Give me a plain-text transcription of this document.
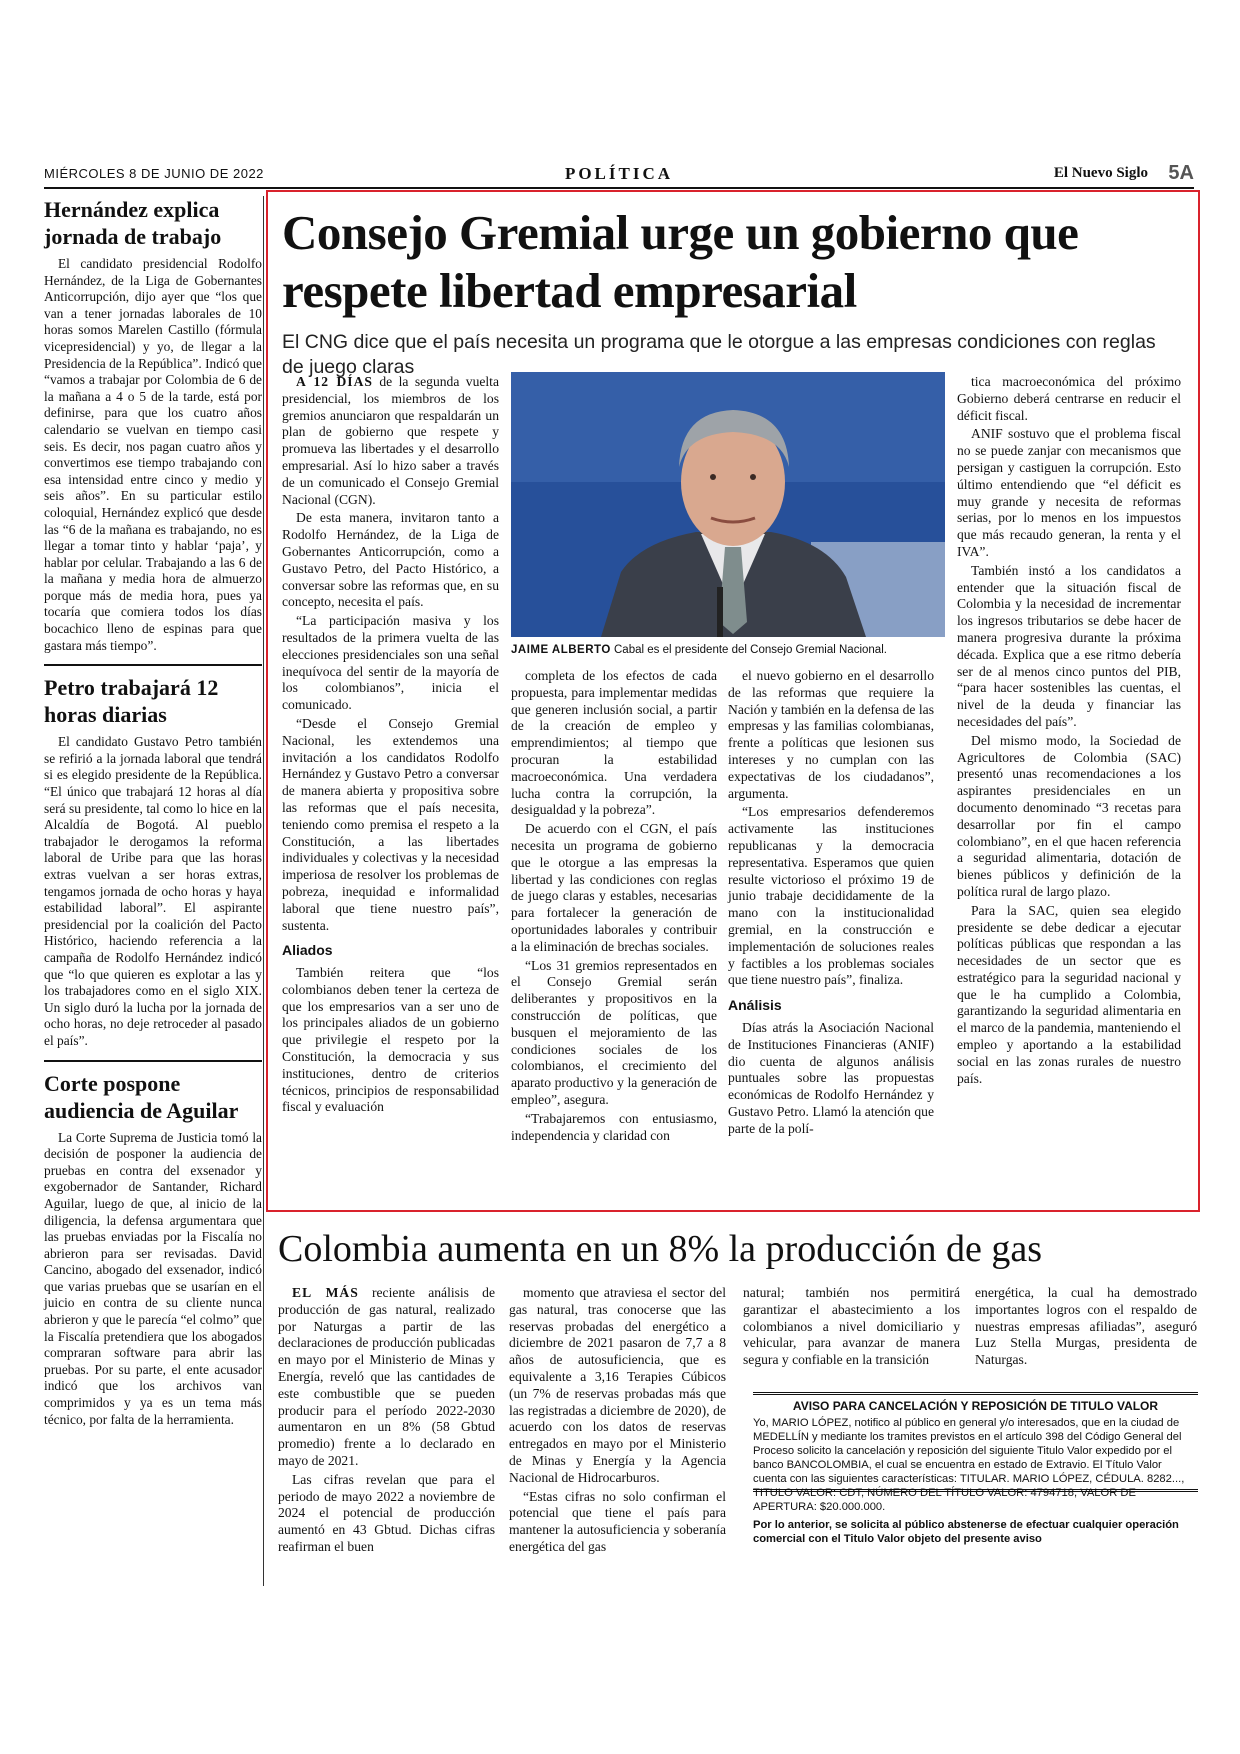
MIÉRCOLES 8 DE JUNIO DE 2022	POLÍTICA	El Nuevo Siglo 5A
Hernández explica jornada de trabajo
El candidato presidencial Rodolfo Hernández, de la Liga de Gobernantes Anticorrupción, dijo ayer que “los que van a tener jornadas laborales de 10 horas somos Marelen Castillo (fórmula vicepresidencial) y yo, de llegar a la Presidencia de la República”. Indicó que “vamos a trabajar por Colombia de 6 de la mañana a 4 o 5 de la tarde, está por definirse, para que los cuatro años calendario se vuelvan en tiempo casi seis. Es decir, nos pagan cuatro años y convertimos ese tiempo trabajando con esa intensidad entre cinco y medio y seis años”. En su particular estilo coloquial, Hernández explicó que desde las “6 de la mañana es trabajando, no es llegar a tomar tinto y hablar ‘paja’, y hablar por celular. Trabajando a las 6 de la mañana y media hora de almuerzo porque más de media hora, pues ya tocaría que comiera todos los días bocachico lleno de espinas para que gastara más tiempo”.
Petro trabajará 12 horas diarias
El candidato Gustavo Petro también se refirió a la jornada laboral que tendrá si es elegido presidente de la República. “El único que trabajará 12 horas al día será su presidente, tal como lo hice en la Alcaldía de Bogotá. Al pueblo trabajador le derogamos la reforma laboral de Uribe para que las horas extras vuelvan a ser horas extras, tengamos jornada de ocho horas y haya estabilidad laboral”. El aspirante presidencial por la coalición del Pacto Histórico, haciendo referencia a la campaña de Rodolfo Hernández indicó que “lo que quieren es explotar a las y los trabajadores como en el siglo XIX. Un siglo duró la lucha por la jornada de ocho horas, no deje retroceder al pasado el país”.
Corte pospone audiencia de Aguilar
La Corte Suprema de Justicia tomó la decisión de posponer la audiencia de pruebas en contra del exsenador y exgobernador de Santander, Richard Aguilar, luego de que, al inicio de la diligencia, la defensa argumentara que las pruebas enviadas por la Fiscalía no abrieron para ser revisadas. David Cancino, abogado del exsenador, indicó que varias pruebas que se usarían en el juicio en contra de su cliente nunca abrieron y que le parecía “el colmo” que la Fiscalía pretendiera que los abogados compraran software para abrir las pruebas. Por su parte, el ente acusador indicó que los archivos van comprimidos y ya es un tema más técnico, por falta de la herramienta.
Consejo Gremial urge un gobierno que respete libertad empresarial
El CNG dice que el país necesita un programa que le otorgue a las empresas condiciones con reglas de juego claras

A 12 DÍAS de la segunda vuelta presidencial, los miembros de los gremios anunciaron que respaldarán un plan de gobierno que respete y promueva las libertades y el desarrollo empresarial. Así lo hizo saber a través de un comunicado el Consejo Gremial Nacional (CGN).

De esta manera, invitaron tanto a Rodolfo Hernández, de la Liga de Gobernantes Anticorrupción, como a Gustavo Petro, del Pacto Histórico, a conversar sobre las reformas que, en su concepto, necesita el país.

“La participación masiva y los resultados de la primera vuelta de las elecciones presidenciales son una señal inequívoca del sentir de la mayoría de los colombianos”, inicia el comunicado.

“Desde el Consejo Gremial Nacional, les extendemos una invitación a los candidatos Rodolfo Hernández y Gustavo Petro a conversar de manera abierta y propositiva sobre las reformas que el país necesita, teniendo como premisa el respeto a la Constitución, a las libertades individuales y colectivas y la necesidad imperiosa de resolver los problemas de pobreza, inequidad e informalidad laboral que tiene nuestro país”, sustenta.

Aliados

También reitera que “los colombianos deben tener la certeza de que los empresarios van a ser uno de los principales aliados de un gobierno que privilegie el respeto por la Constitución, la democracia y sus instituciones, dentro de criterios técnicos, principios de responsabilidad fiscal y evaluación

JAIME ALBERTO Cabal es el presidente del Consejo Gremial Nacional.

completa de los efectos de cada propuesta, para implementar medidas que generen inclusión social, a partir de la creación de empleo y emprendimientos; al tiempo que procuran la estabilidad macroeconómica. Una verdadera lucha contra la corrupción, la desigualdad y la pobreza”.

De acuerdo con el CGN, el país necesita un programa de gobierno que le otorgue a las empresas la libertad y las condiciones con reglas de juego claras y estables, necesarias para fortalecer la generación de oportunidades laborales y contribuir a la eliminación de brechas sociales.

“Los 31 gremios representados en el Consejo Gremial serán deliberantes y propositivos en la construcción de políticas, que busquen el mejoramiento de las condiciones sociales de los colombianos, el crecimiento del aparato productivo y la generación de empleo”, asegura.

“Trabajaremos con entusiasmo, independencia y claridad con

el nuevo gobierno en el desarrollo de las reformas que requiere la Nación y también en la defensa de las empresas y las familias colombianas, frente a políticas que lesionen sus intereses y no cumplan con las expectativas de los ciudadanos”, argumenta.

“Los empresarios defenderemos activamente las instituciones republicanas y la democracia representativa. Esperamos que quien resulte victorioso el próximo 19 de junio trabaje decididamente de la mano con la institucionalidad gremial, en la construcción e implementación de soluciones reales y factibles a los problemas sociales que tiene nuestro país”, finaliza.

Análisis

Días atrás la Asociación Nacional de Instituciones Financieras (ANIF) dio cuenta de algunos análisis puntuales sobre las propuestas económicas de Rodolfo Hernández y Gustavo Petro. Llamó la atención que parte de la polí-

tica macroeconómica del próximo Gobierno deberá centrarse en reducir el déficit fiscal.

ANIF sostuvo que el problema fiscal no se puede zanjar con mecanismos que persigan y castiguen la corrupción. Esto último entendiendo que “el déficit es muy grande y necesita de reformas serias, por lo menos en los impuestos que más recaudo generan, la renta y el IVA”.

También instó a los candidatos a entender que la situación fiscal de Colombia y la necesidad de incrementar los ingresos tributarios se debe hacer de manera progresiva durante la próxima década. Explica que a ese ritmo debería ser de al menos cinco puntos del PIB, “para hacer sostenibles las cuentas, el nivel de la deuda y financiar las necesidades del país”.

Del mismo modo, la Sociedad de Agricultores de Colombia (SAC) presentó unas recomendaciones a los aspirantes presidenciales en un documento denominado “3 recetas para desarrollar por fin el campo colombiano”, en el que hacen referencia a seguridad alimentaria, dotación de bienes públicos y definición de la política rural de largo plazo.

Para la SAC, quien sea elegido presidente se debe dedicar a ejecutar políticas públicas que respondan a las necesidades de un sector que es estratégico para la seguridad nacional y que le ha cumplido a Colombia, garantizando la seguridad alimentaria en el marco de la pandemia, manteniendo el empleo y aportando a la estabilidad social en las zonas rurales de nuestro país.

Colombia aumenta en un 8% la producción de gas

EL MÁS reciente análisis de producción de gas natural, realizado por Naturgas a partir de las declaraciones de producción publicadas en mayo por el Ministerio de Minas y Energía, reveló que las cantidades de este combustible que se pueden producir para el período 2022-2030 aumentaron en un 8% (58 Gbtud promedio) frente a lo declarado en mayo de 2021.

Las cifras revelan que para el periodo de mayo 2022 a noviembre de 2024 el potencial de producción aumentó en 43 Gbtud. Dichas cifras reafirman el buen

momento que atraviesa el sector del gas natural, tras conocerse que las reservas probadas del energético a diciembre de 2021 pasaron de 7,7 a 8 años de autosuficiencia, que es equivalente a 3,16 Terapies Cúbicos (un 7% de reservas probadas más que las registradas a diciembre de 2020), de acuerdo con los datos de reservas entregados en mayo por el Ministerio de Minas y Energía y la Agencia Nacional de Hidrocarburos.

“Estas cifras no solo confirman el potencial que tiene el país para mantener la autosuficiencia y soberanía energética del gas

natural; también nos permitirá garantizar el abastecimiento a los colombianos a nivel domiciliario y vehicular, para avanzar de manera segura y confiable en la transición

energética, la cual ha demostrado importantes logros con el respaldo de nuestras empresas afiliadas”, aseguró Luz Stella Murgas, presidenta de Naturgas.

AVISO PARA CANCELACIÓN Y REPOSICIÓN DE TITULO VALOR
Yo, MARIO LÓPEZ, notifico al público en general y/o interesados, que en la ciudad de MEDELLÍN y mediante los tramites previstos en el artículo 398 del Código General del Proceso solicito la cancelación y reposición del siguiente Titulo Valor expedido por el banco BANCOLOMBIA, el cual se encuentra en estado de Extravio. El Título Valor cuenta con las siguientes características: TITULAR. MARIO LÓPEZ, CÉDULA. 8282..., TITULO VALOR: CDT, NÚMERO DEL TÍTULO VALOR: 4794718, VALOR DE APERTURA: $20.000.000.
Por lo anterior, se solicita al público abstenerse de efectuar cualquier operación comercial con el Titulo Valor objeto del presente aviso
